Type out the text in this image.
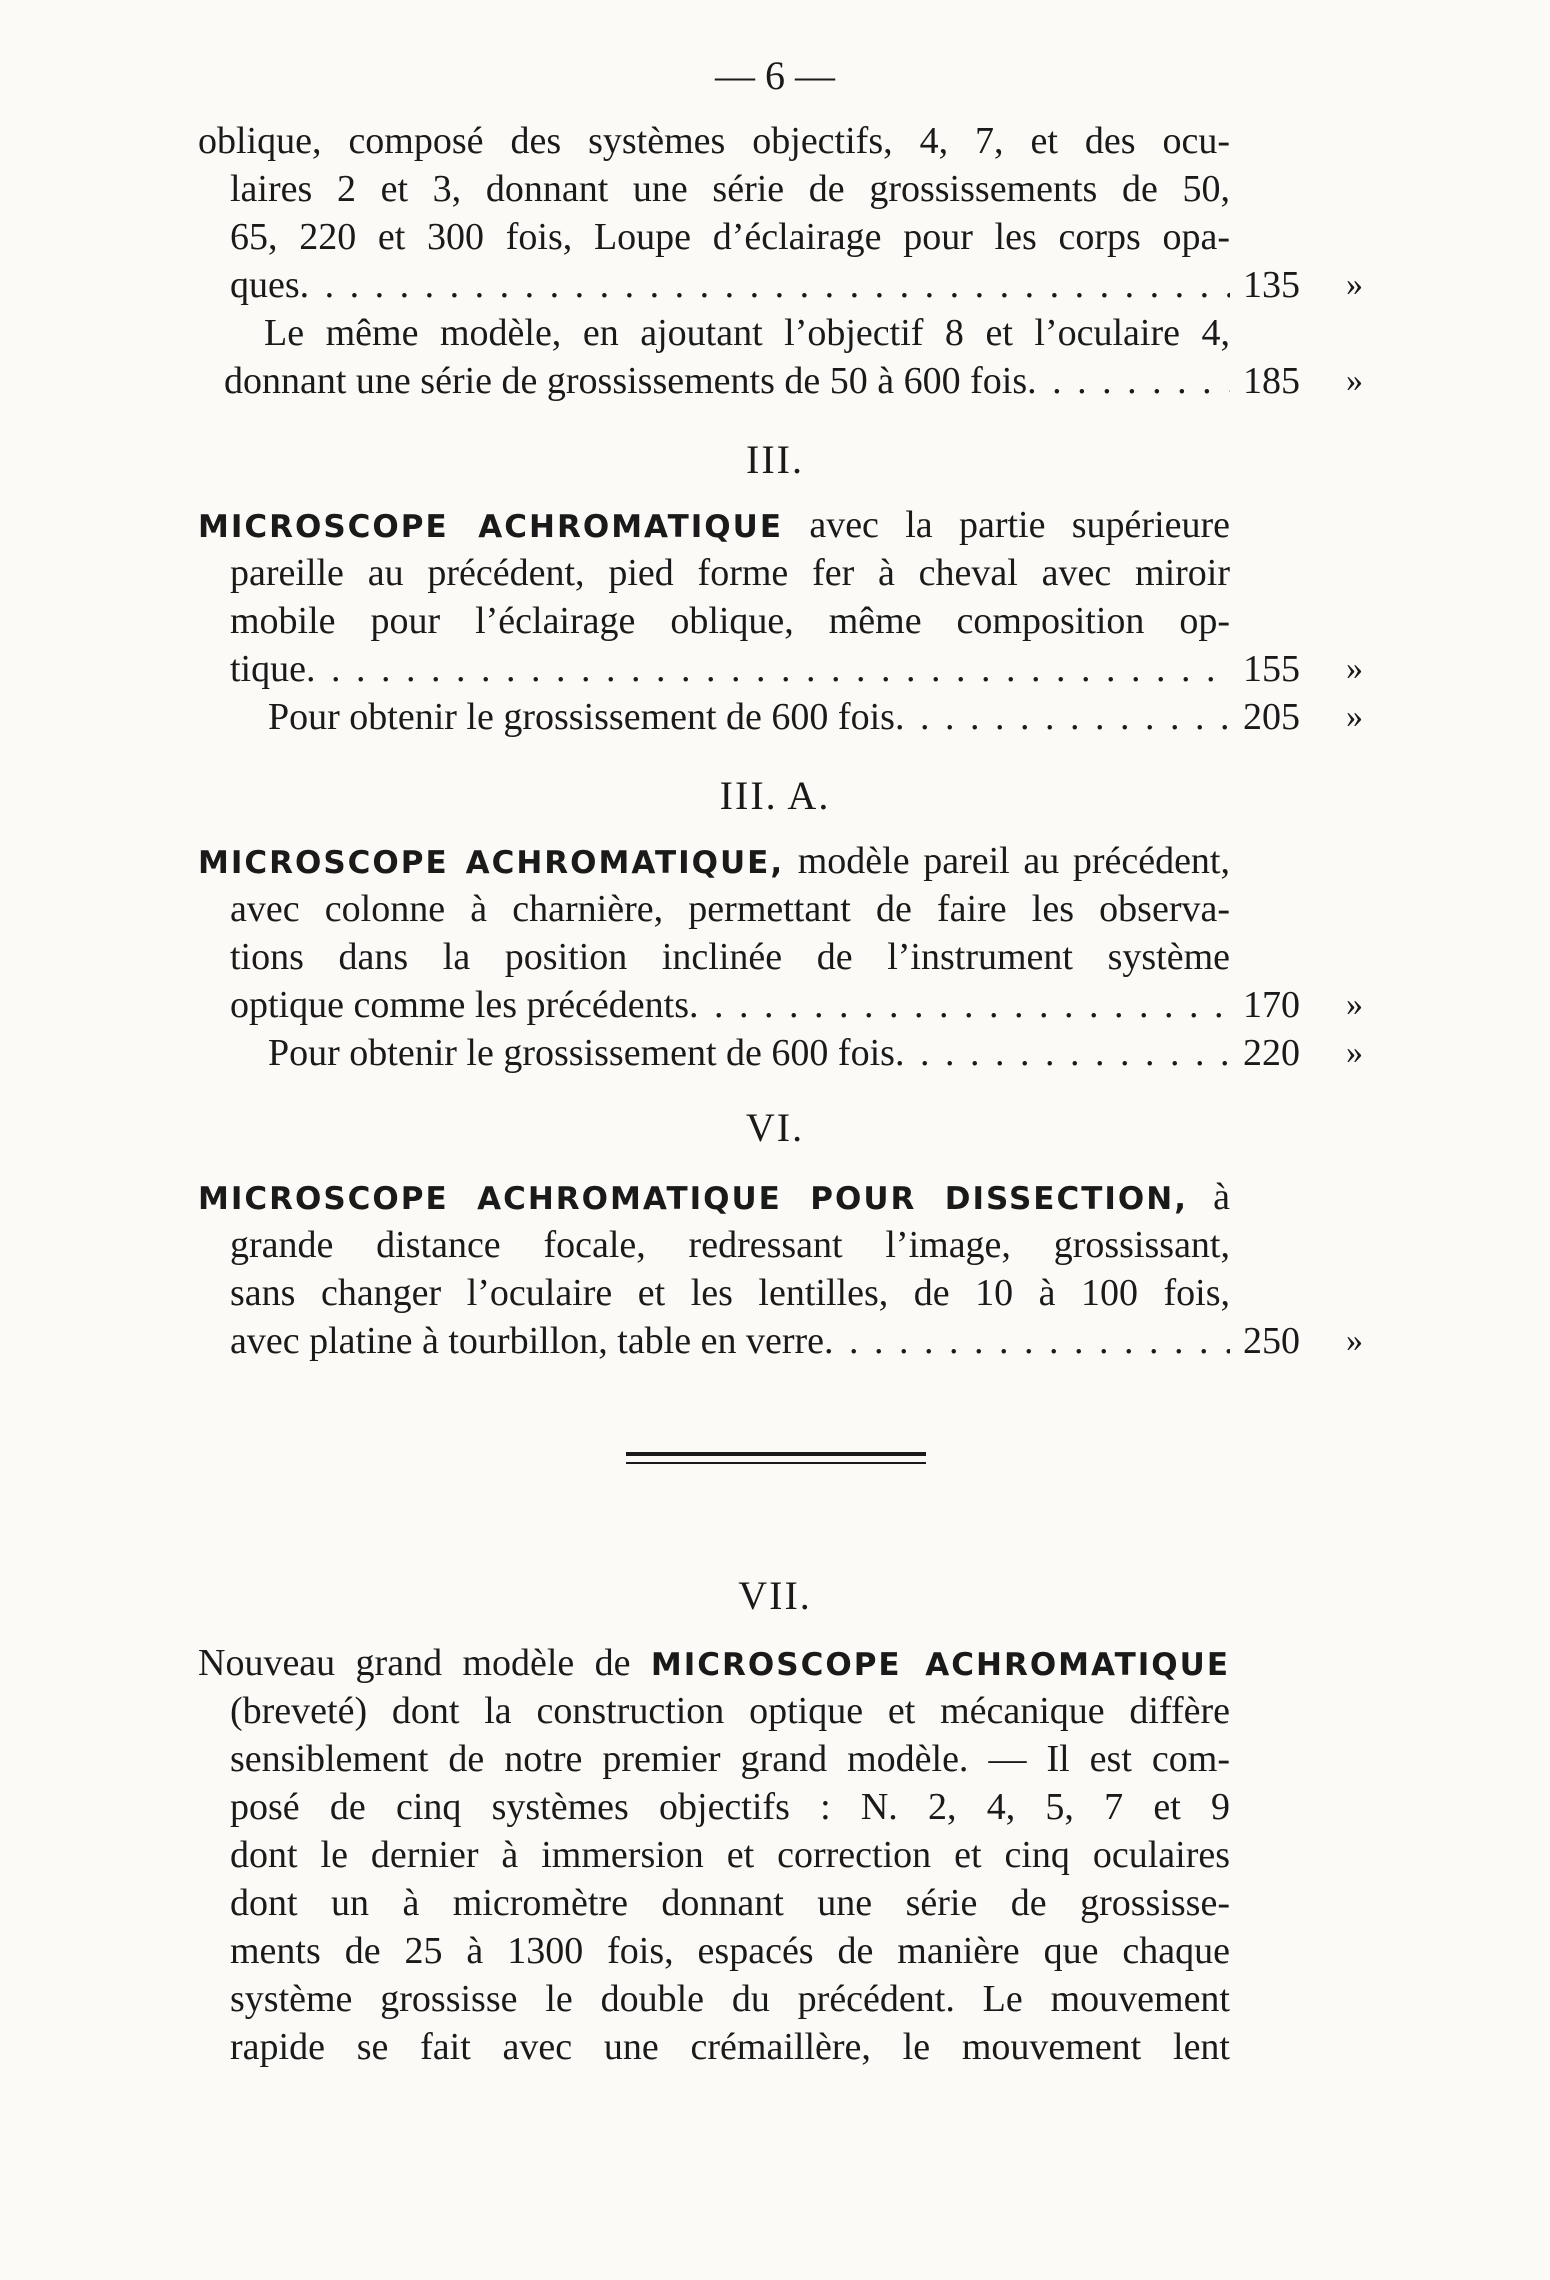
— 6 —
oblique, composé des systèmes objectifs, 4, 7, et des ocu-
laires 2 et 3, donnant une série de grossissements de 50,
65, 220 et 300 fois, Loupe d’éclairage pour les corps opa-
ques . . .	135 »
Le même modèle, en ajoutant l’objectif 8 et l’oculaire 4,
donnant une série de grossissements de 50 à 600 fois . . .	185 »
III.
MICROSCOPE ACHROMATIQUE avec la partie supérieure
pareille au précédent, pied forme fer à cheval avec miroir
mobile pour l’éclairage oblique, même composition op-
tique . . .	155 »
Pour obtenir le grossissement de 600 fois . . .	205 »
III. A.
MICROSCOPE ACHROMATIQUE, modèle pareil au précédent,
avec colonne à charnière, permettant de faire les observa-
tions dans la position inclinée de l’instrument système
optique comme les précédents . . .	170 »
Pour obtenir le grossissement de 600 fois . . .	220 »
VI.
MICROSCOPE ACHROMATIQUE POUR DISSECTION, à
grande distance focale, redressant l’image, grossissant,
sans changer l’oculaire et les lentilles, de 10 à 100 fois,
avec platine à tourbillon, table en verre . . .	250 »
VII.
Nouveau grand modèle de MICROSCOPE ACHROMATIQUE
(breveté) dont la construction optique et mécanique diffère
sensiblement de notre premier grand modèle. — Il est com-
posé de cinq systèmes objectifs : N. 2, 4, 5, 7 et 9
dont le dernier à immersion et correction et cinq oculaires
dont un à micromètre donnant une série de grossisse-
ments de 25 à 1300 fois, espacés de manière que chaque
système grossisse le double du précédent. Le mouvement
rapide se fait avec une crémaillère, le mouvement lent
